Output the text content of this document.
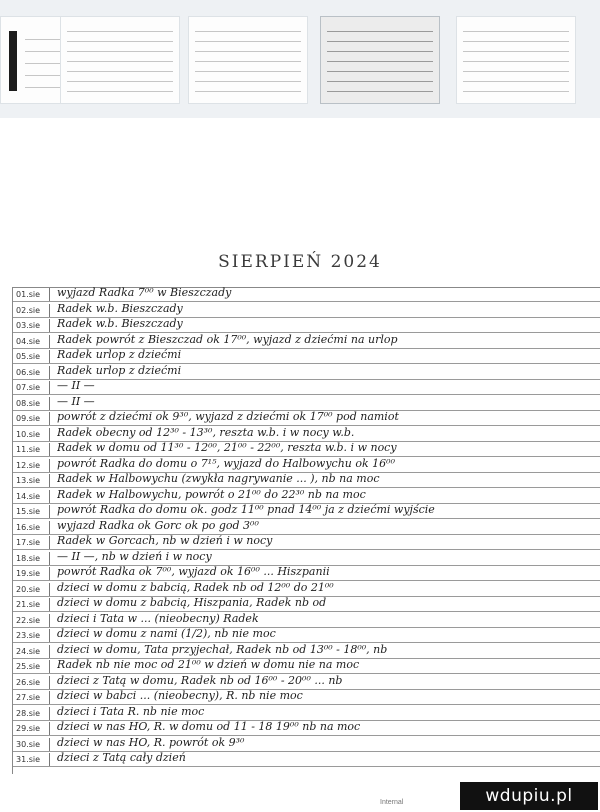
SIERPIEŃ 2024
01.sie	wyjazd Radka 7⁰⁰ w Bieszczady
02.sie	Radek w.b. Bieszczady
03.sie	Radek w.b. Bieszczady
04.sie	Radek powrót z Bieszczad ok 17⁰⁰, wyjazd z dziećmi na urlop
05.sie	Radek urlop z dziećmi
06.sie	Radek urlop z dziećmi
07.sie	— II —
08.sie	— II —
09.sie	powrót z dziećmi ok 9³⁰, wyjazd z dziećmi ok 17⁰⁰ pod namiot
10.sie	Radek obecny od 12³⁰ - 13³⁰, reszta w.b. i w nocy w.b.
11.sie	Radek w domu od 11³⁰ - 12⁰⁰, 21⁰⁰ - 22⁰⁰, reszta w.b. i w nocy
12.sie	powrót Radka do domu o 7¹⁵, wyjazd do Halbowychu ok 16⁰⁰
13.sie	Radek w Halbowychu (zwykła nagrywanie ... ), nb na moc
14.sie	Radek w Halbowychu, powrót o 21⁰⁰ do 22³⁰ nb na moc
15.sie	powrót Radka do domu ok. godz 11⁰⁰ pnad 14⁰⁰ ja z dziećmi wyjście
16.sie	wyjazd Radka ok Gorc ok po god 3⁰⁰
17.sie	Radek w Gorcach, nb w dzień i w nocy
18.sie	— II —, nb w dzień i w nocy
19.sie	powrót Radka ok 7⁰⁰, wyjazd ok 16⁰⁰ ... Hiszpanii
20.sie	dzieci w domu z babcią, Radek nb od 12⁰⁰ do 21⁰⁰
21.sie	dzieci w domu z babcią, Hiszpania, Radek nb od
22.sie	dzieci i Tata w ... (nieobecny) Radek
23.sie	dzieci w domu z nami (1/2), nb nie moc
24.sie	dzieci w domu, Tata przyjechał, Radek nb od 13⁰⁰ - 18⁰⁰, nb
25.sie	Radek nb nie moc od 21⁰⁰ w dzień w domu nie na moc
26.sie	dzieci z Tatą w domu, Radek nb od 16⁰⁰ - 20⁰⁰ ... nb
27.sie	dzieci w babci ... (nieobecny), R. nb nie moc
28.sie	dzieci i Tata R. nb nie moc
29.sie	dzieci w nas HO, R. w domu od 11 - 18 19⁰⁰ nb na moc
30.sie	dzieci w nas HO, R. powrót ok 9³⁰
31.sie	dzieci z Tatą cały dzień
Internal	wdupiu.pl
